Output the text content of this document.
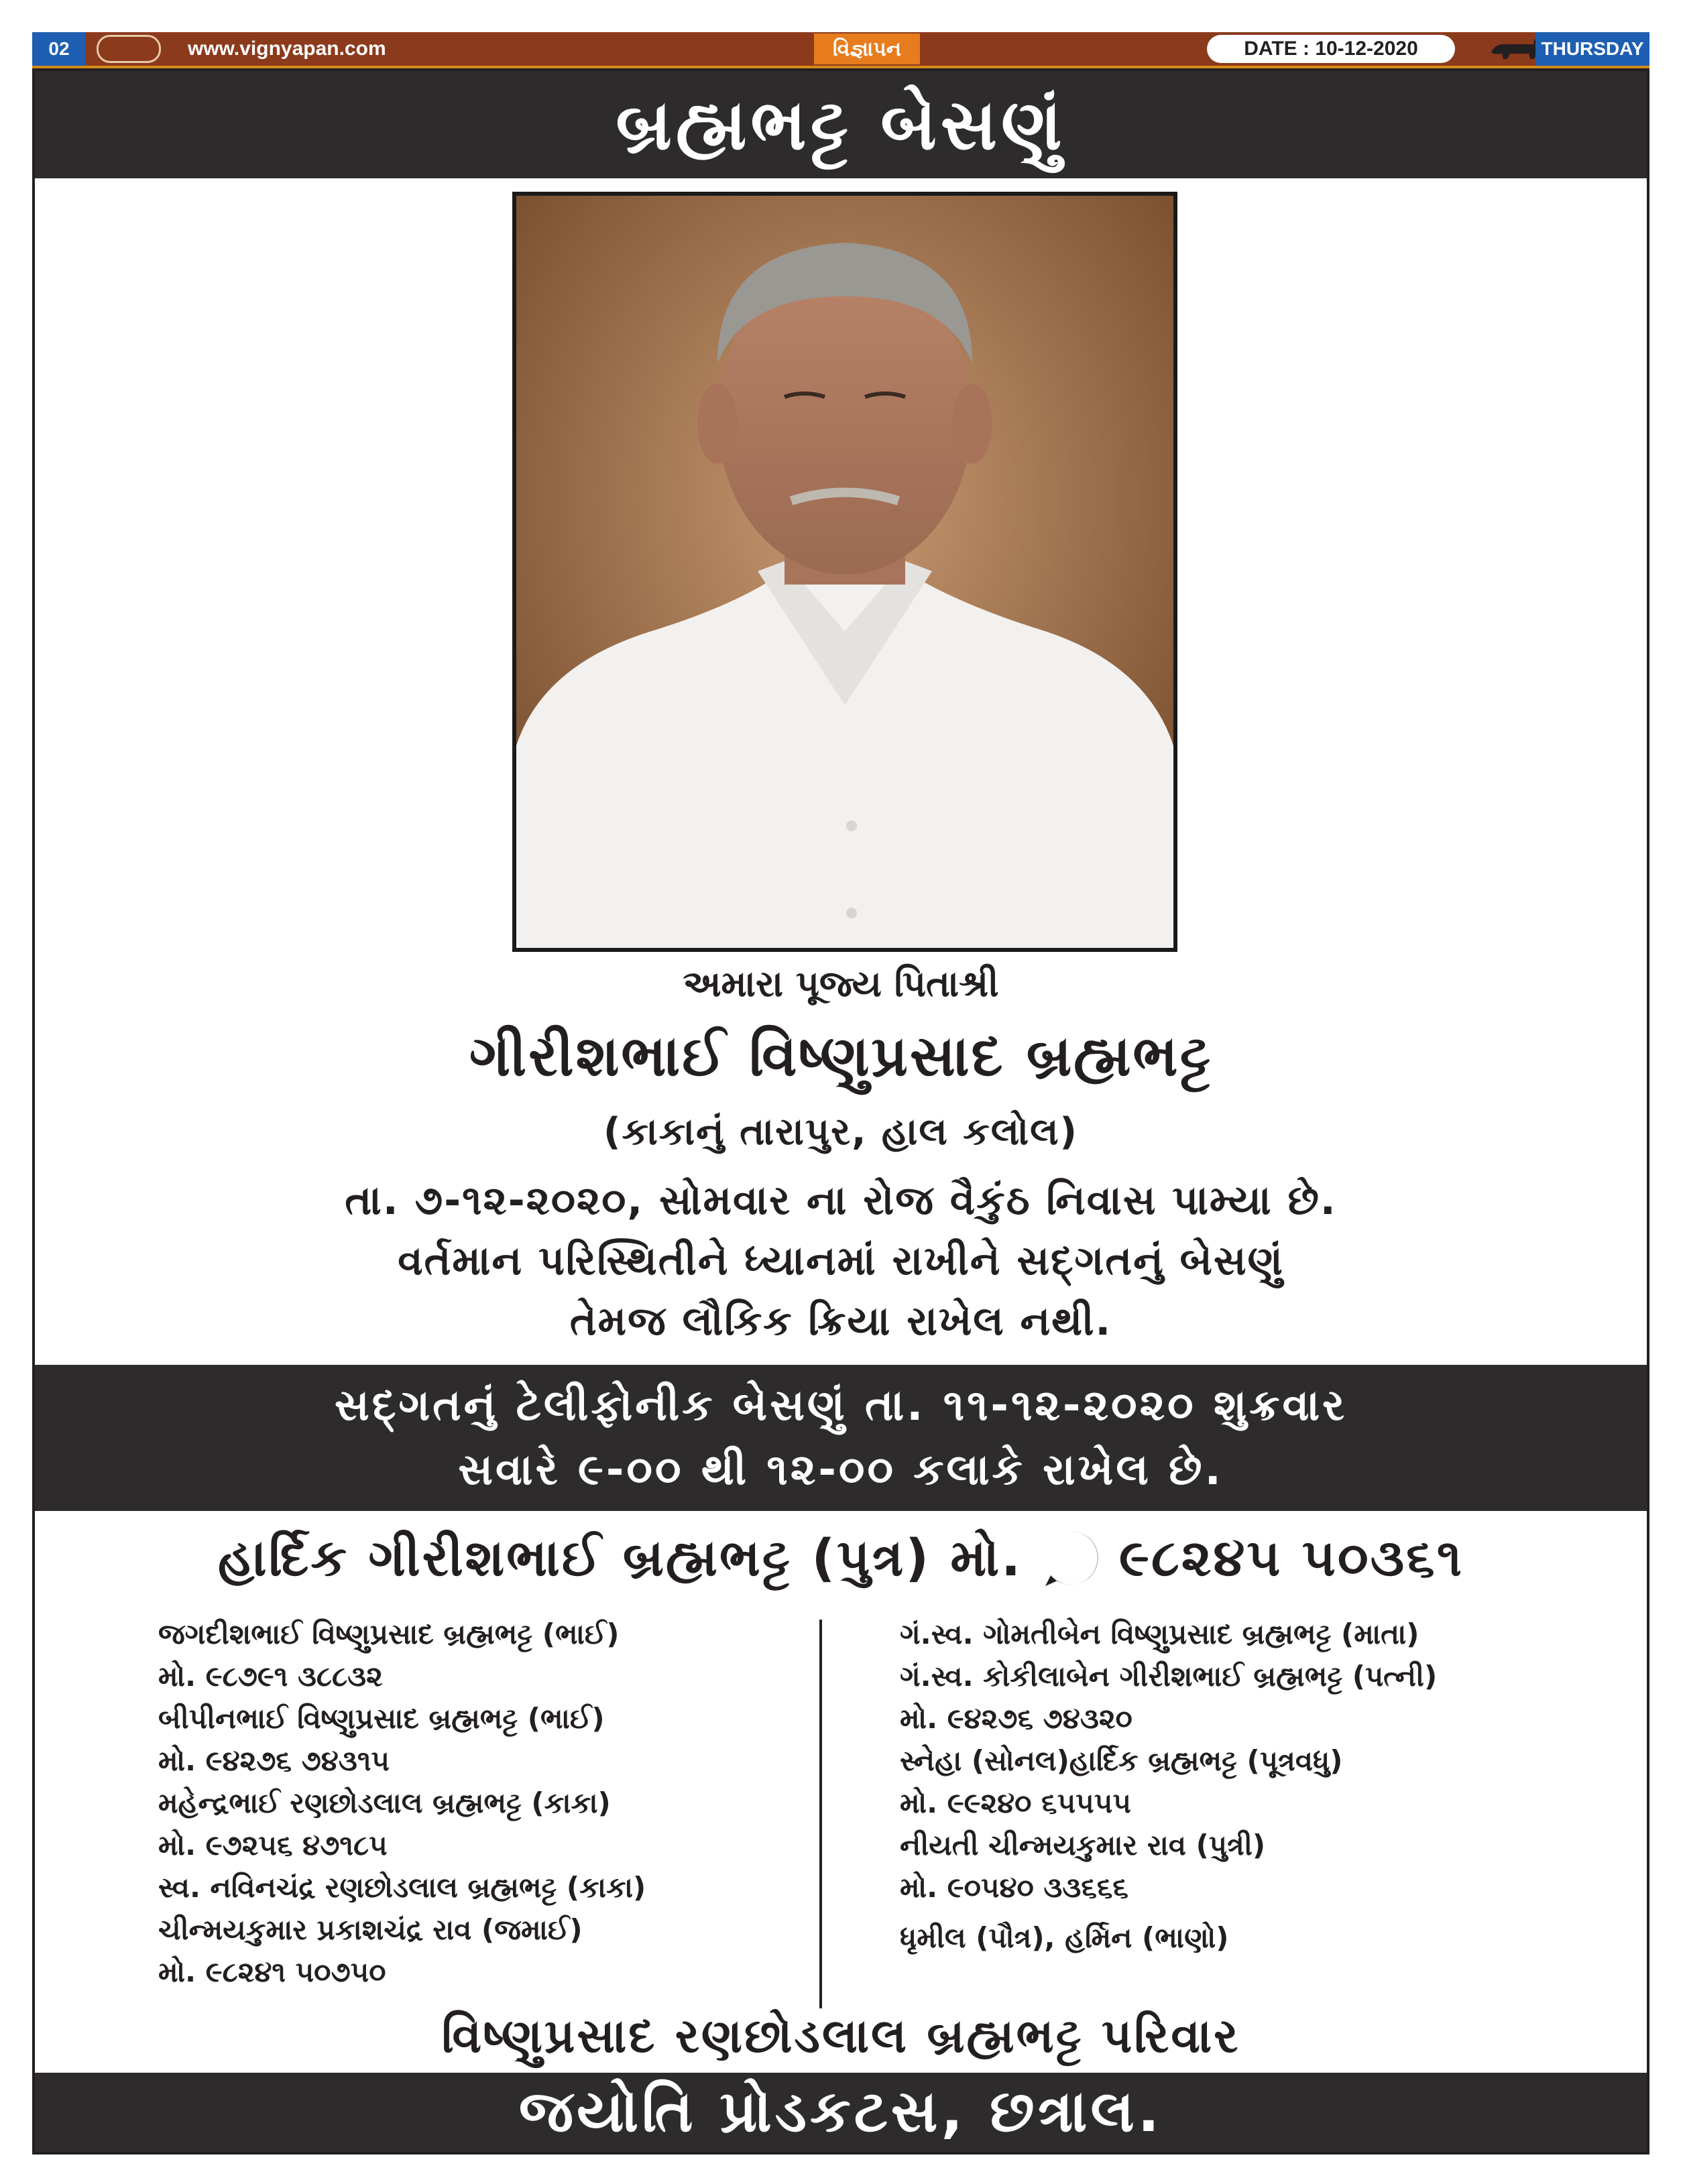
02	www.vignyapan.com	વિજ્ઞાપન	DATE : 10-12-2020	THURSDAY
બ્રહ્મભટ્ટ બેસણું
અમારા પૂજ્ય પિતાશ્રી
ગીરીશભાઈ વિષ્ણુપ્રસાદ બ્રહ્મભટ્ટ
(કાકાનું તારાપુર, હાલ કલોલ)
તા. ૭-૧૨-૨૦૨૦, સોમવાર ના રોજ વૈકુંઠ નિવાસ પામ્યા છે.
વર્તમાન પરિસ્થિતીને ધ્યાનમાં રાખીને સદ્ગતનું બેસણું
તેમજ લૌકિક ક્રિયા રાખેલ નથી.
સદ્ગતનું ટેલીફોનીક બેસણું તા. ૧૧-૧૨-૨૦૨૦ શુક્રવાર
સવારે ૯-૦૦ થી ૧૨-૦૦ કલાકે રાખેલ છે.
હાર્દિક ગીરીશભાઈ બ્રહ્મભટ્ટ (પુત્ર) મો. ૯૮૨૪૫ ૫૦૩૬૧
જગદીશભાઈ વિષ્ણુપ્રસાદ બ્રહ્મભટ્ટ (ભાઈ)
મો. ૯૮૭૯૧ ૩૮૮૩૨
બીપીનભાઈ વિષ્ણુપ્રસાદ બ્રહ્મભટ્ટ (ભાઈ)
મો. ૯૪૨૭૬ ૭૪૩૧૫
મહેન્દ્રભાઈ રણછોડલાલ બ્રહ્મભટ્ટ (કાકા)
મો. ૯૭૨૫૬ ૪૭૧૮૫
સ્વ. નવિનચંદ્ર રણછોડલાલ બ્રહ્મભટ્ટ (કાકા)
ચીન્મયકુમાર પ્રકાશચંદ્ર રાવ (જમાઈ)
મો. ૯૮૨૪૧ ૫૦૭૫૦
ગં.સ્વ. ગોમતીબેન વિષ્ણુપ્રસાદ બ્રહ્મભટ્ટ (માતા)
ગં.સ્વ. કોકીલાબેન ગીરીશભાઈ બ્રહ્મભટ્ટ (પત્ની)
મો. ૯૪૨૭૬ ૭૪૩૨૦
સ્નેહા (સોનલ)હાર્દિક બ્રહ્મભટ્ટ (પૂત્રવધુ)
મો. ૯૯૨૪૦ ૬૫૫૫૫
નીયતી ચીન્મયકુમાર રાવ (પુત્રી)
મો. ૯૦૫૪૦ ૩૩૬૬૬
ધૃમીલ (પૌત્ર), હર્મિન (ભાણો)
વિષ્ણુપ્રસાદ રણછોડલાલ બ્રહ્મભટ્ટ પરિવાર
જયોતિ પ્રોડકટસ, છત્રાલ.
